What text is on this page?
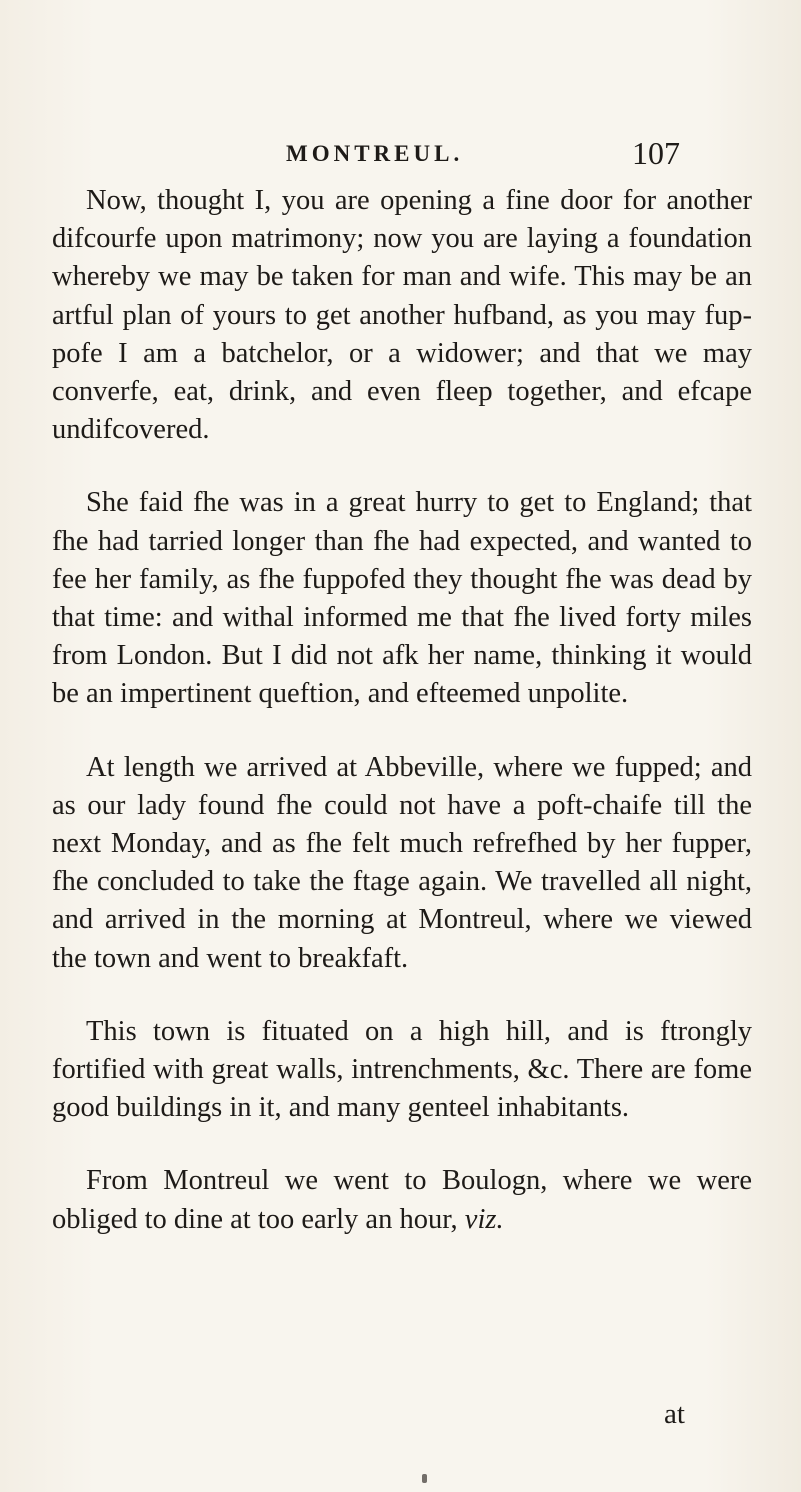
MONTREUL.	107

Now, thought I, you are opening a fine door for another difcourfe upon matrimony; now you are laying a foundation whereby we may be taken for man and wife. This may be an artful plan of yours to get another hufband, as you may fuppofe I am a batchelor, or a widower; and that we may converfe, eat, drink, and even fleep together, and efcape undifcovered.

She faid fhe was in a great hurry to get to England; that fhe had tarried longer than fhe had expected, and wanted to fee her family, as fhe fuppofed they thought fhe was dead by that time: and withal informed me that fhe lived forty miles from London. But I did not afk her name, thinking it would be an impertinent queftion, and efteemed unpolite.

At length we arrived at Abbeville, where we fupped; and as our lady found fhe could not have a poft-chaife till the next Monday, and as fhe felt much refrefhed by her fupper, fhe concluded to take the ftage again. We travelled all night, and arrived in the morning at Montreul, where we viewed the town and went to breakfaft.

This town is fituated on a high hill, and is ftrongly fortified with great walls, intrenchments, &c. There are fome good buildings in it, and many genteel inhabitants.

From Montreul we went to Boulogn, where we were obliged to dine at too early an hour, viz.

at
